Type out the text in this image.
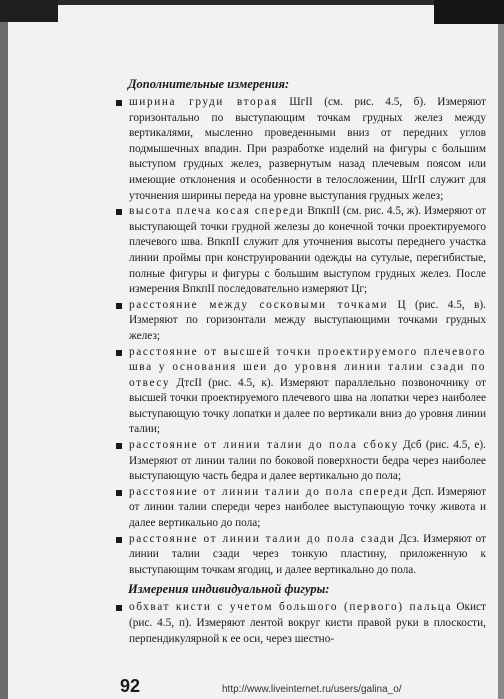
Дополнительные измерения:
ширина груди вторая ШгII (см. рис. 4.5, б). Измеряют горизонтально по выступающим точкам грудных желез между вертикалями, мысленно проведенными вниз от передних углов подмышечных впадин. При разработке изделий на фигуры с большим выступом грудных желез, развернутым назад плечевым поясом или имеющие отклонения и особенности в телосложении, ШгII служит для уточнения ширины переда на уровне выступания грудных желез;
высота плеча косая спереди ВпкпII (см. рис. 4.5, ж). Измеряют от выступающей точки грудной железы до конечной точки проектируемого плечевого шва. ВпкпII служит для уточнения высоты переднего участка линии проймы при конструировании одежды на сутулые, перегибистые, полные фигуры и фигуры с большим выступом грудных желез. После измерения ВпкпII последовательно измеряют Цг;
расстояние между сосковыми точками Ц (рис. 4.5, в). Измеряют по горизонтали между выступающими точками грудных желез;
расстояние от высшей точки проектируемого плечевого шва у основания шеи до уровня линии талии сзади по отвесу ДтсII (рис. 4.5, к). Измеряют параллельно позвоночнику от высшей точки проектируемого плечевого шва на лопатки через наиболее выступающую точку лопатки и далее по вертикали вниз до уровня линии талии;
расстояние от линии талии до пола сбоку Дсб (рис. 4.5, е). Измеряют от линии талии по боковой поверхности бедра через наиболее выступающую часть бедра и далее вертикально до пола;
расстояние от линии талии до пола спереди Дсп. Измеряют от линии талии спереди через наиболее выступающую точку живота и далее вертикально до пола;
расстояние от линии талии до пола сзади Дсз. Измеряют от линии талии сзади через тонкую пластину, приложенную к выступающим точкам ягодиц, и далее вертикально до пола.
Измерения индивидуальной фигуры:
обхват кисти с учетом большого (первого) пальца Окист (рис. 4.5, п). Измеряют лентой вокруг кисти правой руки в плоскости, перпендикулярной к ее оси, через шестно-
92	http://www.liveinternet.ru/users/galina_o/
